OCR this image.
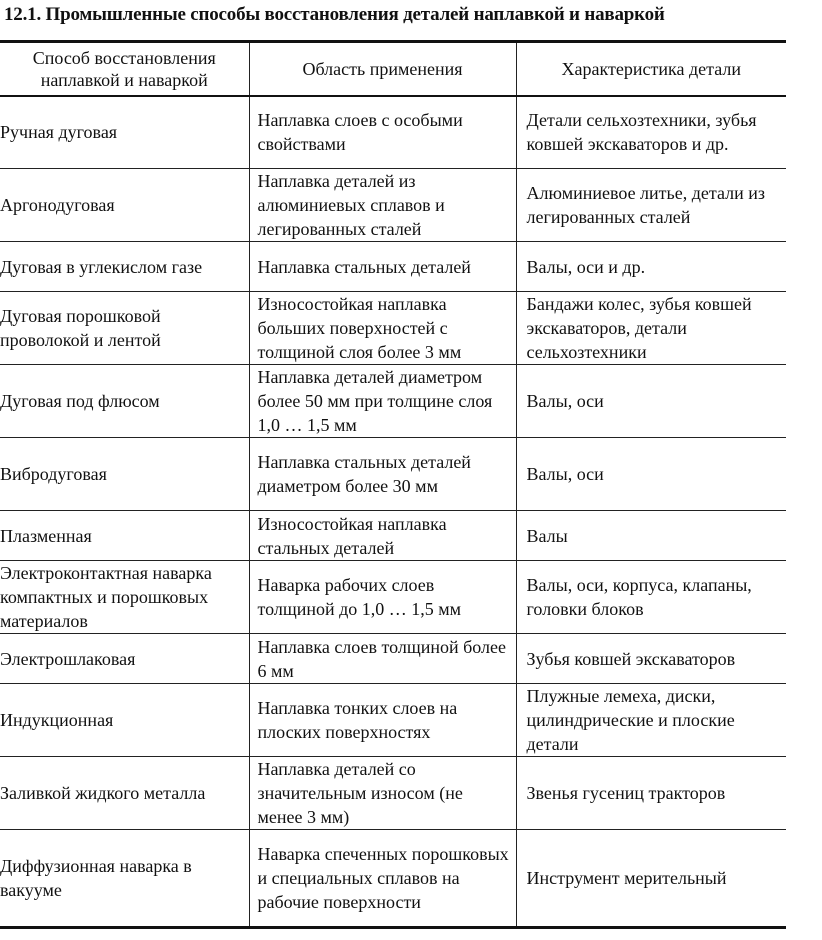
12.1. Промышленные способы восстановления деталей наплавкой и наваркой
Способ восстановления наплавкой и наваркой	Область применения	Характеристика детали
Ручная дуговая	Наплавка слоев с особыми свойствами	Детали сельхозтехники, зубья ковшей экскаваторов и др.
Аргонодуговая	Наплавка деталей из алюминиевых сплавов и легированных сталей	Алюминиевое литье, детали из легированных сталей
Дуговая в углекислом газе	Наплавка стальных деталей	Валы, оси и др.
Дуговая порошковой проволокой и лентой	Износостойкая наплавка больших поверхностей с толщиной слоя более 3 мм	Бандажи колес, зубья ковшей экскаваторов, детали сельхозтехники
Дуговая под флюсом	Наплавка деталей диаметром более 50 мм при толщине слоя 1,0 … 1,5 мм	Валы, оси
Вибродуговая	Наплавка стальных деталей диаметром более 30 мм	Валы, оси
Плазменная	Износостойкая наплавка стальных деталей	Валы
Электроконтактная наварка компактных и порошковых материалов	Наварка рабочих слоев толщиной до 1,0 … 1,5 мм	Валы, оси, корпуса, клапаны, головки блоков
Электрошлаковая	Наплавка слоев толщиной более 6 мм	Зубья ковшей экскаваторов
Индукционная	Наплавка тонких слоев на плоских поверхностях	Плужные лемеха, диски, цилиндрические и плоские детали
Заливкой жидкого металла	Наплавка деталей со значительным износом (не менее 3 мм)	Звенья гусениц тракторов
Диффузионная наварка в вакууме	Наварка спеченных порошковых и специальных сплавов на рабочие поверхности	Инструмент мерительный
